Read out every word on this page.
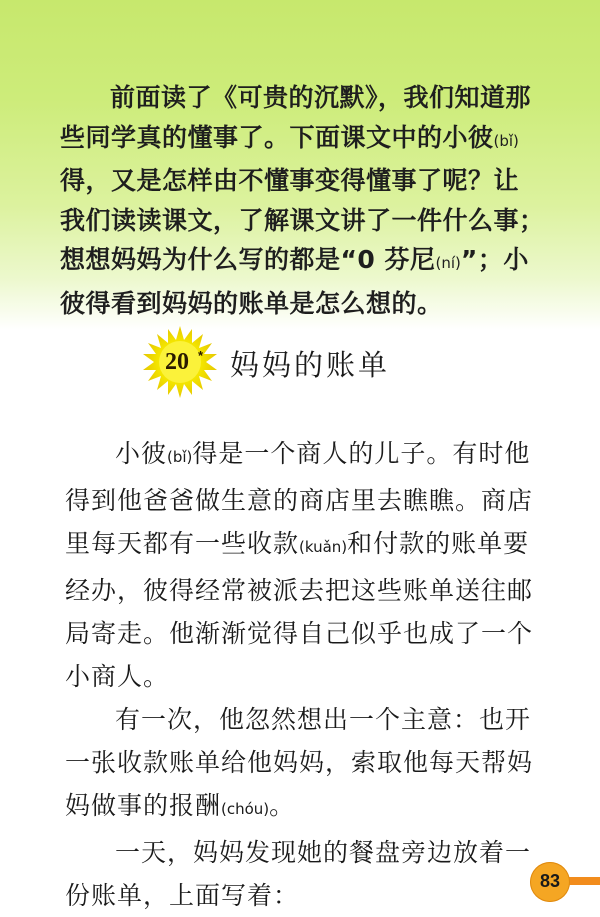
前面读了《可贵的沉默》，我们知道那
些同学真的懂事了。下面课文中的小彼(bǐ)
得，又是怎样由不懂事变得懂事了呢？让
我们读读课文，了解课文讲了一件什么事；
想想妈妈为什么写的都是“0 芬尼(ní)”；小
彼得看到妈妈的账单是怎么想的。
20 * 妈妈的账单

小彼(bǐ)得是一个商人的儿子。有时他得到他爸爸做生意的商店里去瞧瞧。商店里每天都有一些收款(kuǎn)和付款的账单要经办，彼得经常被派去把这些账单送往邮局寄走。他渐渐觉得自己似乎也成了一个小商人。

有一次，他忽然想出一个主意：也开一张收款账单给他妈妈，索取他每天帮妈妈做事的报酬(chóu)。

一天，妈妈发现她的餐盘旁边放着一份账单，上面写着：	83
